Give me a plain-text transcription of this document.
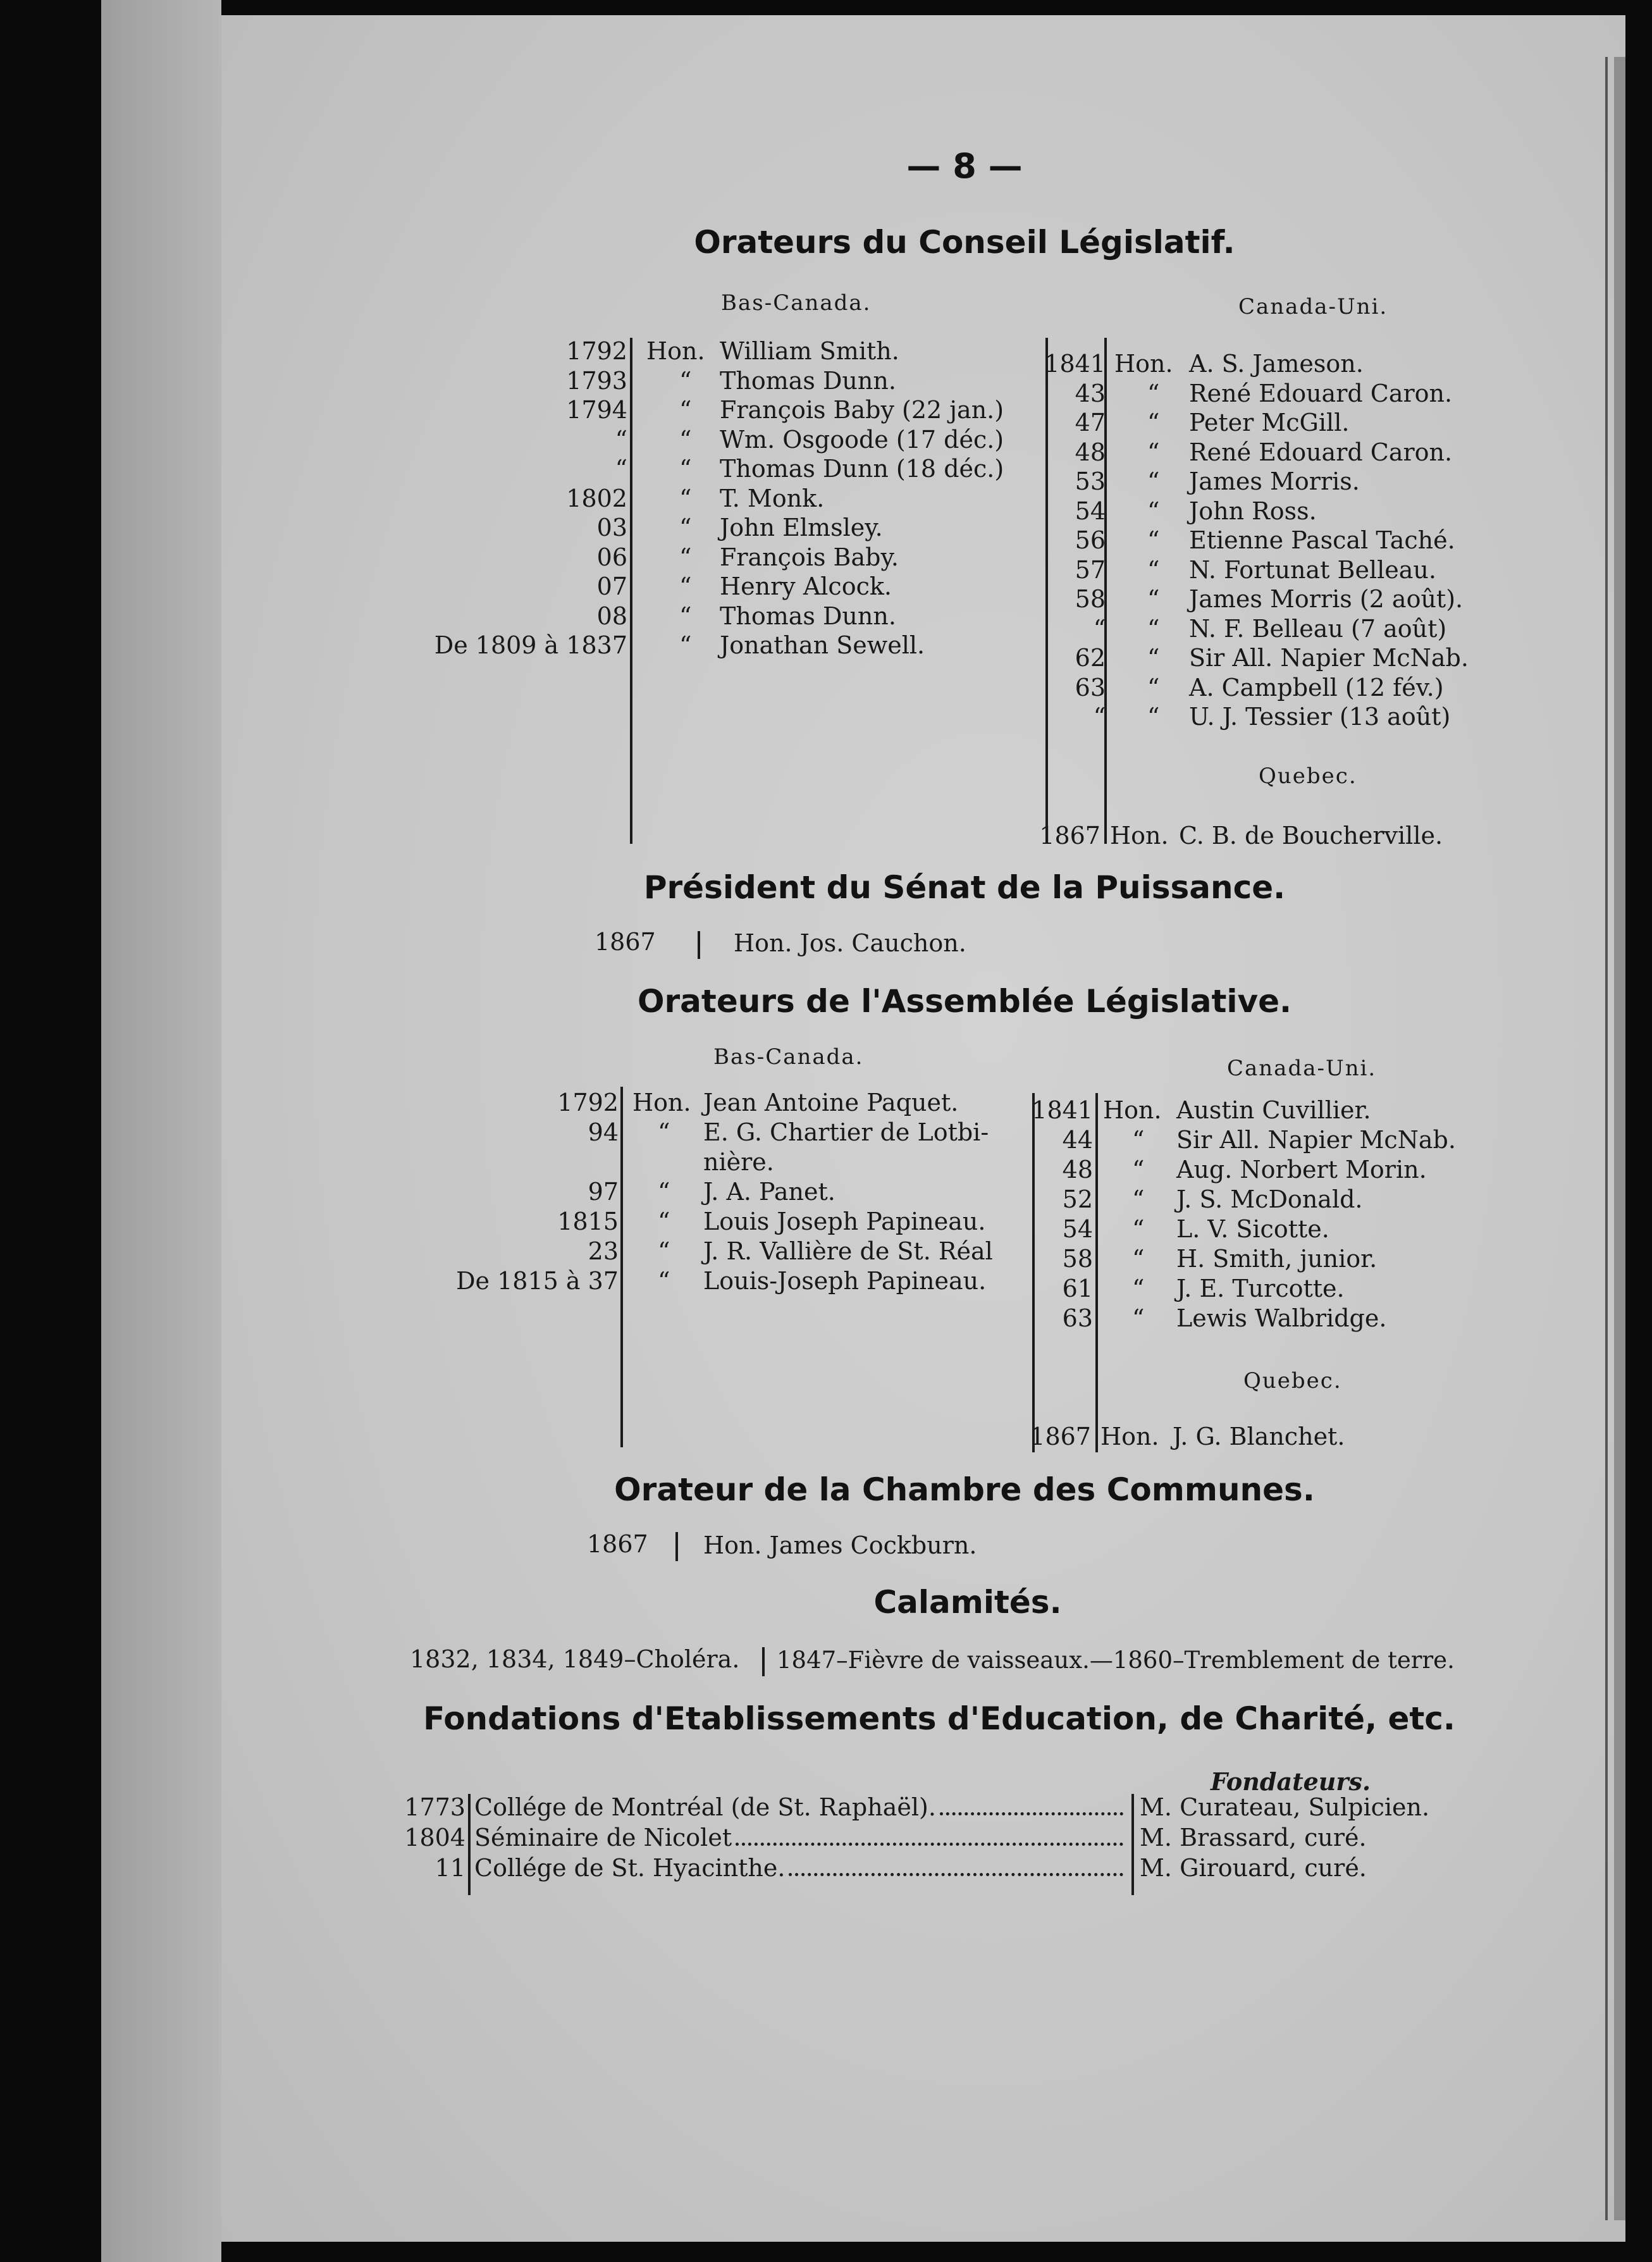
— 8 —
Orateurs du Conseil Législatif.
Bas-Canada.	Canada-Uni.
Quebec.
1792 Hon. William Smith.
1793 “ Thomas Dunn.
1794 “ François Baby (22 jan.)
“ “ Wm. Osgoode (17 déc.)
“ “ Thomas Dunn (18 déc.)
1802 “ T. Monk.
03 “ John Elmsley.
06 “ François Baby.
07 “ Henry Alcock.
08 “ Thomas Dunn.
De 1809 à 1837 “ Jonathan Sewell.
1841 Hon. A. S. Jameson.
43 “ René Edouard Caron.
47 “ Peter McGill.
48 “ René Edouard Caron.
53 “ James Morris.
54 “ John Ross.
56 “ Etienne Pascal Taché.
57 “ N. Fortunat Belleau.
58 “ James Morris (2 août).
“ “ N. F. Belleau (7 août)
62 “ Sir All. Napier McNab.
63 “ A. Campbell (12 fév.)
“ “ U. J. Tessier (13 août)
1867 Hon. C. B. de Boucherville.
Président du Sénat de la Puissance.
1867	Hon. Jos. Cauchon.
Orateurs de l'Assemblée Législative.
Bas-Canada.	Canada-Uni.
Quebec.
1792 Hon. Jean Antoine Paquet.
94 “ E. G. Chartier de Lotbi-
nière.
97 “ J. A. Panet.
1815 “ Louis Joseph Papineau.
23 “ J. R. Vallière de St. Réal
De 1815 à 37 “ Louis-Joseph Papineau.
1841 Hon. Austin Cuvillier.
44 “ Sir All. Napier McNab.
48 “ Aug. Norbert Morin.
52 “ J. S. McDonald.
54 “ L. V. Sicotte.
58 “ H. Smith, junior.
61 “ J. E. Turcotte.
63 “ Lewis Walbridge.
1867 Hon. J. G. Blanchet.
Orateur de la Chambre des Communes.
1867 Hon. James Cockburn.
Calamités.
1832, 1834, 1849–Choléra. 1847–Fièvre de vaisseaux.—1860–Tremblement de terre.
Fondations d'Etablissements d'Education, de Charité, etc.
Fondateurs.
1773 Collége de Montréal (de St. Raphaël).	M. Curateau, Sulpicien.
1804 Séminaire de Nicolet	M. Brassard, curé.
11 Collége de St. Hyacinthe.	M. Girouard, curé.
